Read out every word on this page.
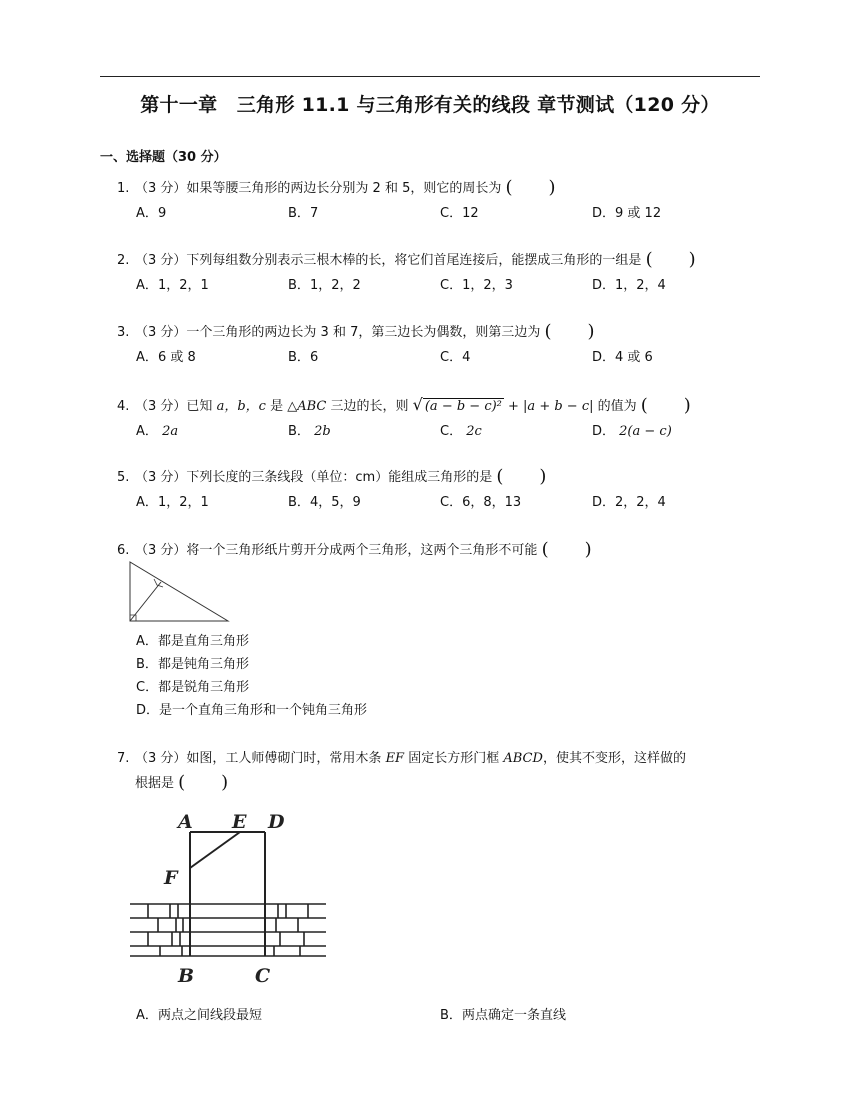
第十一章　三角形 11.1 与三角形有关的线段 章节测试（120 分）
一、选择题（30 分）
1. （3 分）如果等腰三角形的两边长分别为 2 和 5，则它的周长为 (  )
A．9	B．7	C．12	D．9 或 12
2. （3 分）下列每组数分别表示三根木棒的长，将它们首尾连接后，能摆成三角形的一组是 (  )
A．1，2，1	B．1，2，2	C．1，2，3	D．1，2，4
3. （3 分）一个三角形的两边长为 3 和 7，第三边长为偶数，则第三边为 (  )
A．6 或 8	B．6	C．4	D．4 或 6
4. （3 分）已知 a，b，c 是 △ABC 三边的长，则 √ (a − b − c)² + |a + b − c| 的值为 (  )
A． 2a	B． 2b	C． 2c	D． 2(a − c)
5. （3 分）下列长度的三条线段（单位：cm）能组成三角形的是 (  )
A．1，2，1	B．4，5，9	C．6，8，13	D．2，2，4
6. （3 分）将一个三角形纸片剪开分成两个三角形，这两个三角形不可能 (  )
A．都是直角三角形
B．都是钝角三角形
C．都是锐角三角形
D．是一个直角三角形和一个钝角三角形
7. （3 分）如图，工人师傅砌门时，常用木条 EF 固定长方形门框 ABCD，使其不变形，这样做的
根据是 (  )
A E D
F
B	C
A．两点之间线段最短	B．两点确定一条直线
